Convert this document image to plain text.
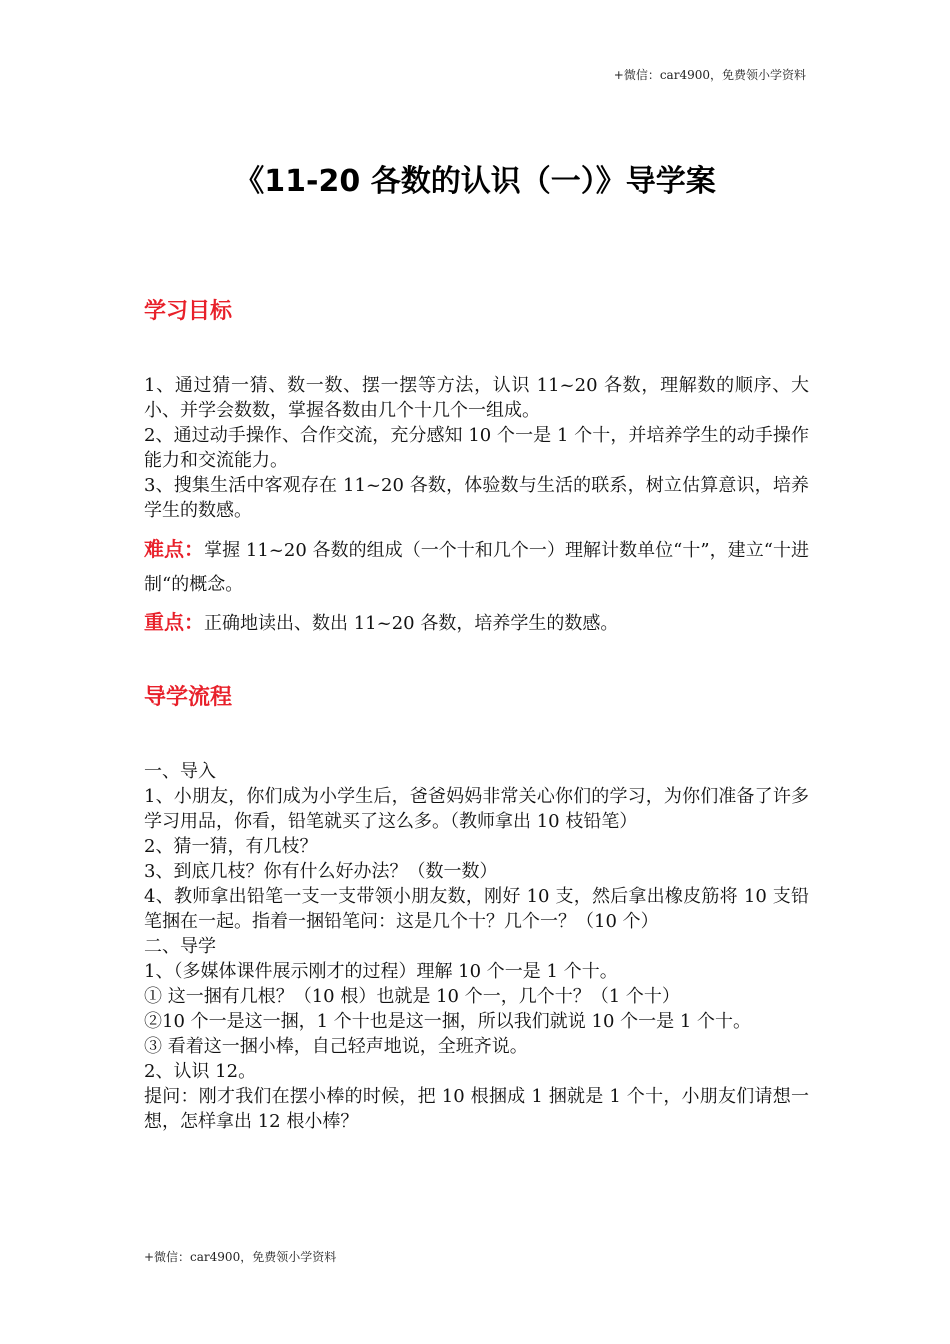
+微信：car4900，免费领小学资料
《11-20 各数的认识（一）》导学案
学习目标

1、通过猜一猜、数一数、摆一摆等方法，认识 11~20 各数，理解数的顺序、大小、并学会数数，掌握各数由几个十几个一组成。

2、通过动手操作、合作交流，充分感知 10 个一是 1 个十，并培养学生的动手操作能力和交流能力。

3、搜集生活中客观存在 11~20 各数，体验数与生活的联系，树立估算意识，培养学生的数感。

难点：掌握 11~20 各数的组成（一个十和几个一）理解计数单位“十”，建立“十进制“的概念。
重点：正确地读出、数出 11~20 各数，培养学生的数感。
导学流程

一、导入

1、小朋友，你们成为小学生后，爸爸妈妈非常关心你们的学习，为你们准备了许多学习用品，你看，铅笔就买了这么多。（教师拿出 10 枝铅笔）

2、猜一猜，有几枝？

3、到底几枝？你有什么好办法？（数一数）

4、教师拿出铅笔一支一支带领小朋友数，刚好 10 支，然后拿出橡皮筋将 10 支铅笔捆在一起。指着一捆铅笔问：这是几个十？几个一？（10 个）

二、导学

1、（多媒体课件展示刚才的过程）理解 10 个一是 1 个十。

① 这一捆有几根？（10 根）也就是 10 个一，几个十？（1 个十）

②10 个一是这一捆，1 个十也是这一捆，所以我们就说 10 个一是 1 个十。

③ 看着这一捆小棒，自己轻声地说，全班齐说。

2、认识 12。

提问：刚才我们在摆小棒的时候，把 10 根捆成 1 捆就是 1 个十，小朋友们请想一想，怎样拿出 12 根小棒？

+微信：car4900，免费领小学资料
